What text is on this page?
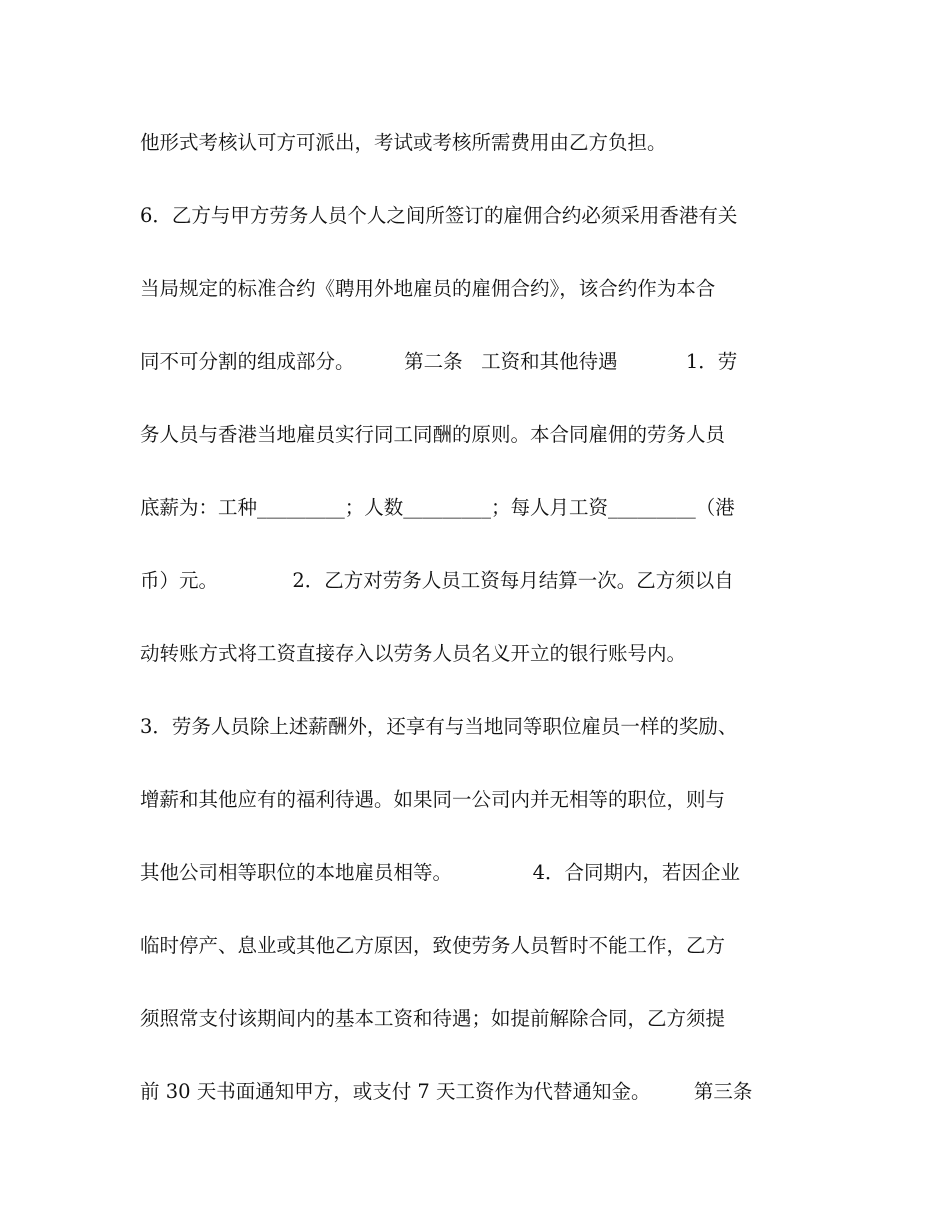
他形式考核认可方可派出，考试或考核所需费用由乙方负担。
6．乙方与甲方劳务人员个人之间所签订的雇佣合约必须采用香港有关
当局规定的标准合约《聘用外地雇员的雇佣合约》，该合约作为本合
同不可分割的组成部分。        第二条   工资和其他待遇           1．劳
务人员与香港当地雇员实行同工同酬的原则。本合同雇佣的劳务人员
底薪为：工种_________；人数_________；每人月工资_________（港
币）元。            2．乙方对劳务人员工资每月结算一次。乙方须以自
动转账方式将工资直接存入以劳务人员名义开立的银行账号内。
3．劳务人员除上述薪酬外，还享有与当地同等职位雇员一样的奖励、
增薪和其他应有的福利待遇。如果同一公司内并无相等的职位，则与
其他公司相等职位的本地雇员相等。             4．合同期内，若因企业
临时停产、息业或其他乙方原因，致使劳务人员暂时不能工作，乙方
须照常支付该期间内的基本工资和待遇；如提前解除合同，乙方须提
前 30 天书面通知甲方，或支付 7 天工资作为代替通知金。       第三条
